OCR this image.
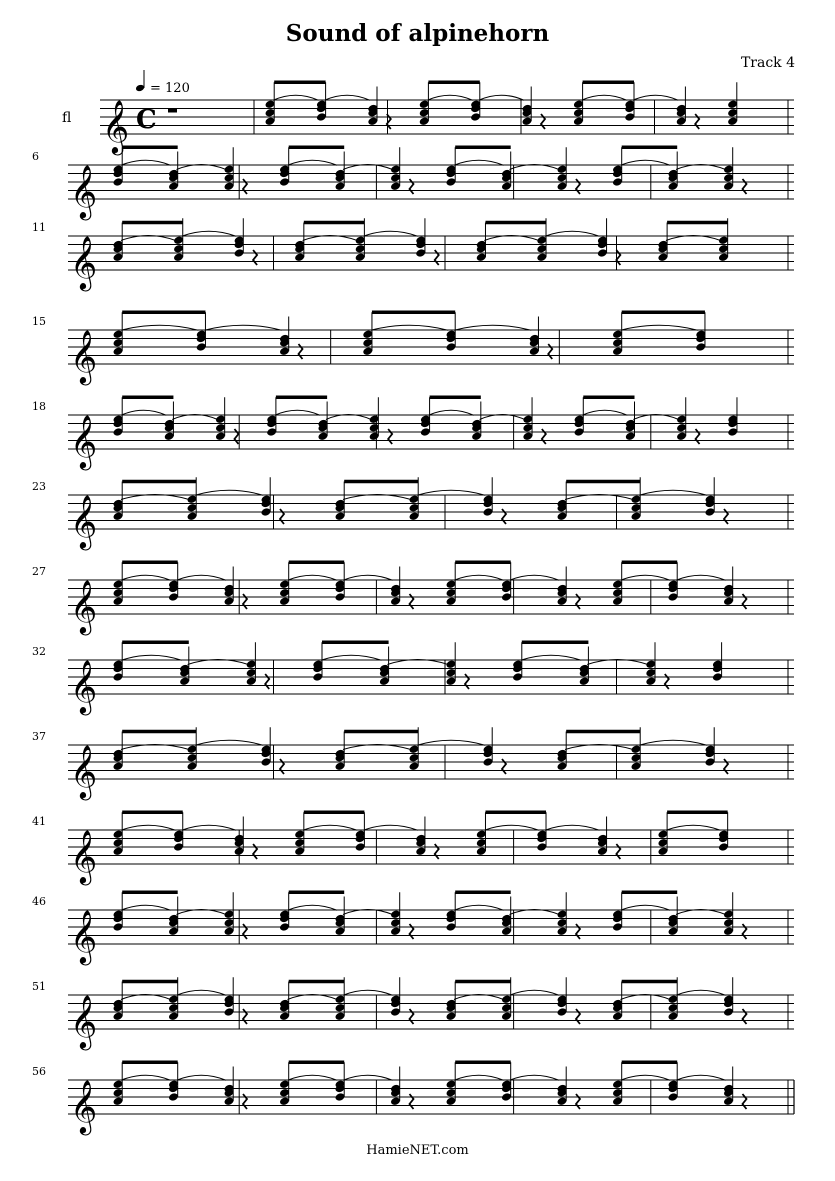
Sound of alpinehorn
Track 4
𝄞 C
fl
= 120
𝄞
6
𝄞
11
𝄞
15
𝄞
18
𝄞
23
𝄞
27
𝄞
32
𝄞
37
𝄞
41
𝄞
46
𝄞
51
𝄞
56
HamieNET.com
